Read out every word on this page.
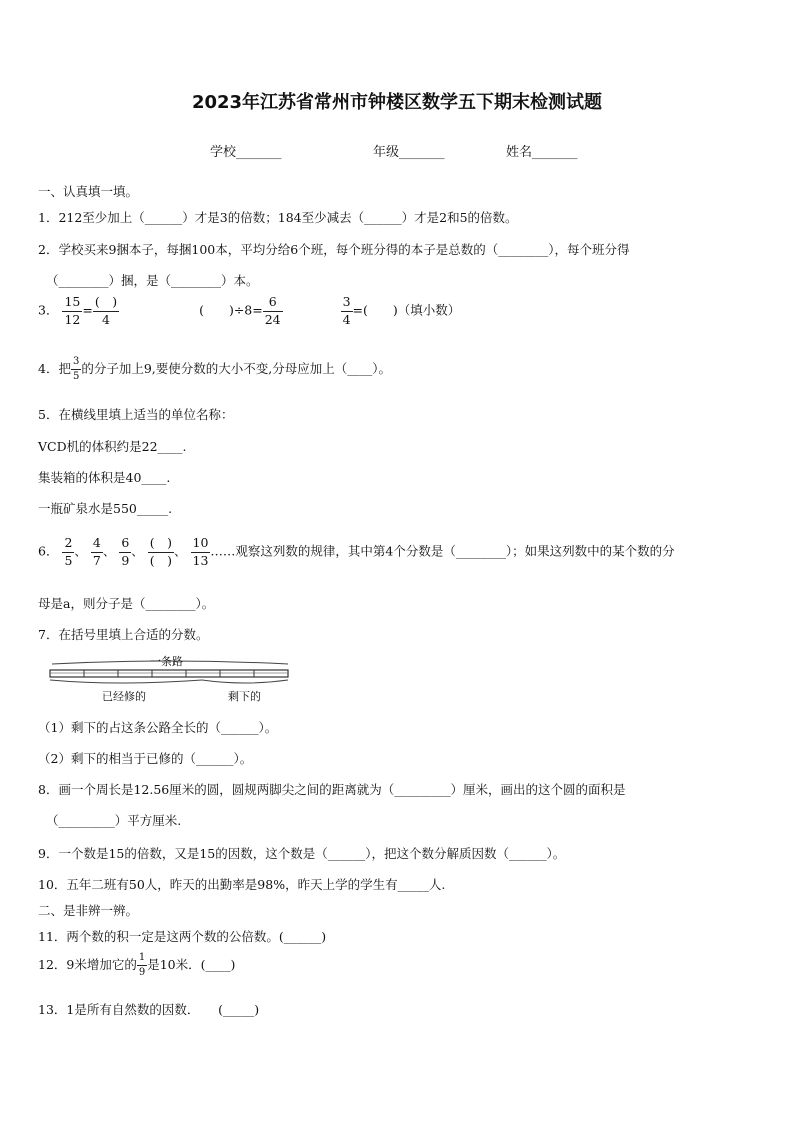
2023年江苏省常州市钟楼区数学五下期末检测试题
学校_______	年级_______	姓名_______
一、认真填一填。
1．212至少加上（______）才是3的倍数；184至少减去（______）才是2和5的倍数。
2．学校买来9捆本子，每捆100本，平均分给6个班，每个班分得的本子是总数的（________），每个班分得
（________）捆，是（________）本。
3． $\frac{15}{12} = \frac{( )}{4}$	(　　)$\div 8= \frac{6}{24}$
	$\frac{3}{4}$ =(　　)（填小数）
4．把 $\frac{3}{5}$ 的分子加上9,要使分数的大小不变,分母应加上（____）。
5．在横线里填上适当的单位名称：
VCD机的体积约是22____.
集装箱的体积是40____.
一瓶矿泉水是550_____.
6． $\frac{2}{5}$ 、 $\frac{4}{7}$ 、 $\frac{6}{9}$ 、 $\frac{( )}{( )}$ 、 $\frac{10}{13}$ ……观察这列数的规律，其中第4个分数是（________）；如果这列数中的某个数的分
母是a，则分子是（________）。
7．在括号里填上合适的分数。
一条路
已经修的	剩下的
（1）剩下的占这条公路全长的（______）。
（2）剩下的相当于已修的（______）。
8．画一个周长是12.56厘米的圆，圆规两脚尖之间的距离就为（_________）厘米，画出的这个圆的面积是
（_________）平方厘米.
9．一个数是15的倍数，又是15的因数，这个数是（______），把这个数分解质因数（______）。
10．五年二班有50人，昨天的出勤率是98%，昨天上学的学生有_____人.
二、是非辨一辨。
11．两个数的积一定是这两个数的公倍数。(______)
12．9米增加它的 $\frac{1}{9}$ 是10米．(____)
13．1是所有自然数的因数．　　(_____)
